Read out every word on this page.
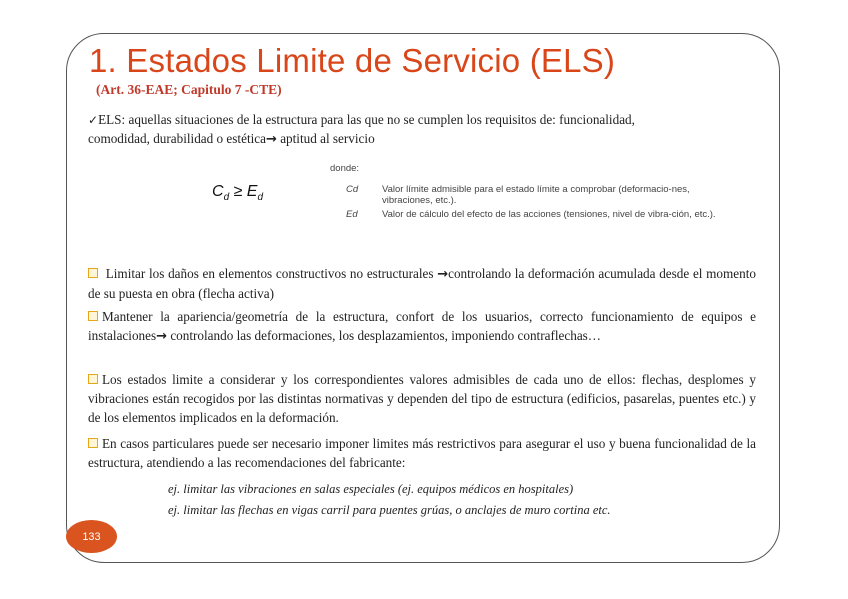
1. Estados Limite de Servicio (ELS)
(Art. 36-EAE; Capitulo 7 -CTE)
✓ELS: aquellas situaciones de la estructura para las que no se cumplen los requisitos de: funcionalidad,
comodidad, durabilidad o estética→ aptitud al servicio
donde:
$C_d \ge E_d$
Cd	Valor límite admisible para el estado límite a comprobar (deformacio-nes, vibraciones, etc.).
Ed	Valor de cálculo del efecto de las acciones (tensiones, nivel de vibra-ción, etc.).

Limitar los daños en elementos constructivos no estructurales →controlando la deformación acumulada desde el momento de su puesta en obra (flecha activa)

Mantener la apariencia/geometría de la estructura, confort de los usuarios, correcto funcionamiento de equipos e instalaciones→ controlando las deformaciones, los desplazamientos, imponiendo contraflechas…

Los estados limite a considerar y los correspondientes valores admisibles de cada uno de ellos: flechas, desplomes y vibraciones están recogidos por las distintas normativas y dependen del tipo de estructura (edificios, pasarelas, puentes etc.) y de los elementos implicados en la deformación.

En casos particulares puede ser necesario imponer limites más restrictivos para asegurar el uso y buena funcionalidad de la estructura, atendiendo a las recomendaciones del fabricante:

ej. limitar las vibraciones en salas especiales (ej. equipos médicos en hospitales)
ej. limitar las flechas en vigas carril para puentes grúas, o anclajes de muro cortina etc.
133
